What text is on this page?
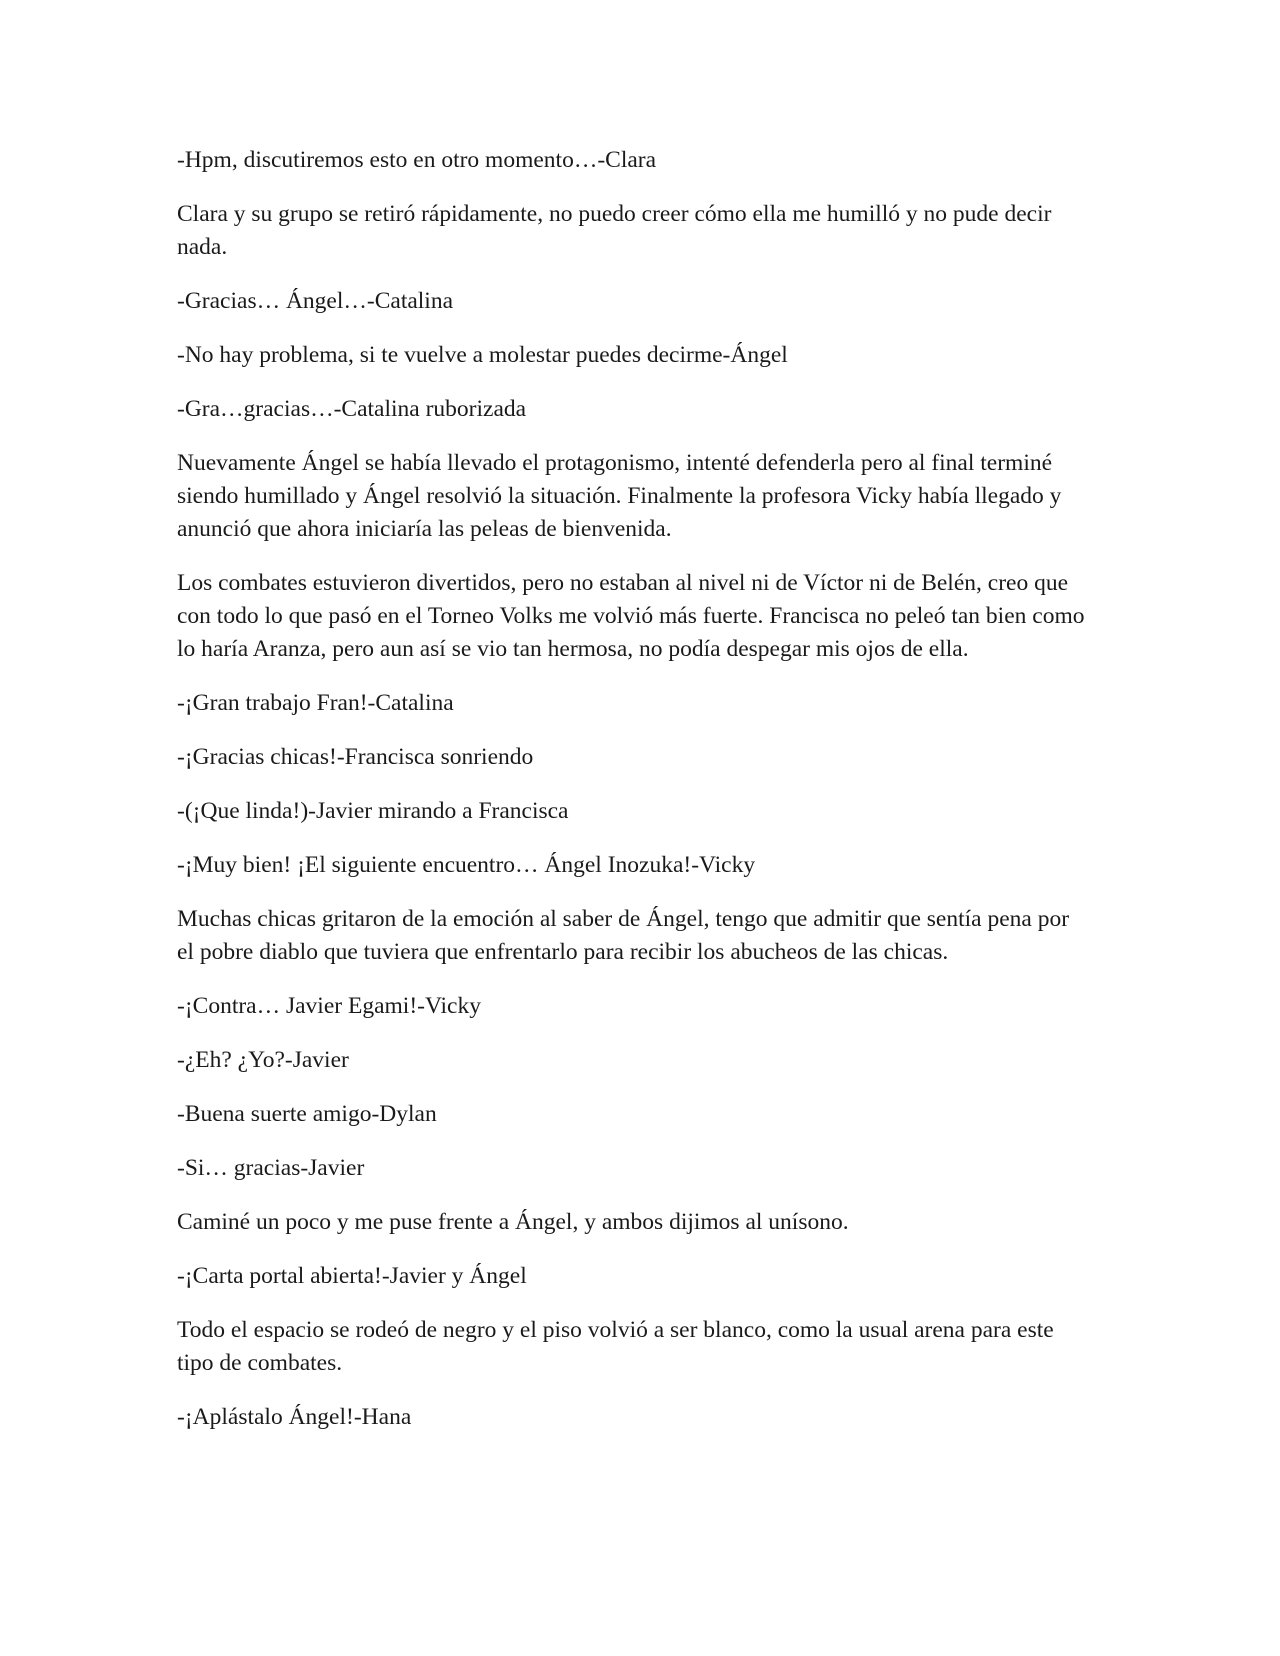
-Hpm, discutiremos esto en otro momento…-Clara

Clara y su grupo se retiró rápidamente, no puedo creer cómo ella me humilló y no pude decir nada.

-Gracias… Ángel…-Catalina

-No hay problema, si te vuelve a molestar puedes decirme-Ángel

-Gra…gracias…-Catalina ruborizada

Nuevamente Ángel se había llevado el protagonismo, intenté defenderla pero al final terminé siendo humillado y Ángel resolvió la situación. Finalmente la profesora Vicky había llegado y anunció que ahora iniciaría las peleas de bienvenida.

Los combates estuvieron divertidos, pero no estaban al nivel ni de Víctor ni de Belén, creo que con todo lo que pasó en el Torneo Volks me volvió más fuerte. Francisca no peleó tan bien como lo haría Aranza, pero aun así se vio tan hermosa, no podía despegar mis ojos de ella.

-¡Gran trabajo Fran!-Catalina

-¡Gracias chicas!-Francisca sonriendo

-(¡Que linda!)-Javier mirando a Francisca

-¡Muy bien! ¡El siguiente encuentro… Ángel Inozuka!-Vicky

Muchas chicas gritaron de la emoción al saber de Ángel, tengo que admitir que sentía pena por el pobre diablo que tuviera que enfrentarlo para recibir los abucheos de las chicas.

-¡Contra… Javier Egami!-Vicky

-¿Eh? ¿Yo?-Javier

-Buena suerte amigo-Dylan

-Si… gracias-Javier

Caminé un poco y me puse frente a Ángel, y ambos dijimos al unísono.

-¡Carta portal abierta!-Javier y Ángel

Todo el espacio se rodeó de negro y el piso volvió a ser blanco, como la usual arena para este tipo de combates.

-¡Aplástalo Ángel!-Hana
